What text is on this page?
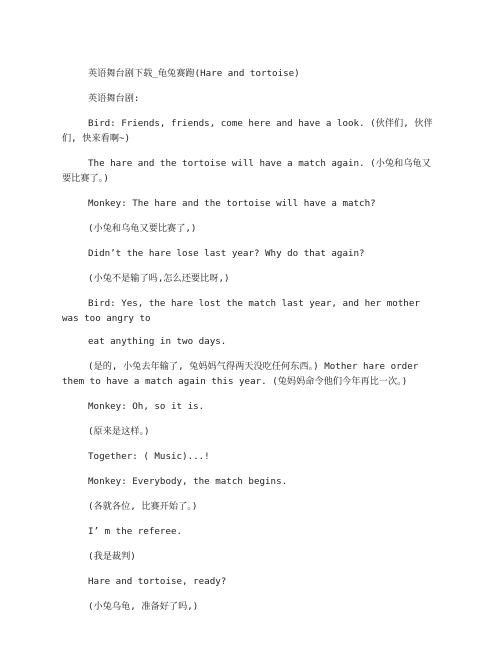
英语舞台剧下载_龟兔赛跑(Hare and tortoise)

英语舞台剧:

Bird: Friends, friends, come here and have a look. (伙伴们, 伙伴们, 快来看啊~)

The hare and the tortoise will have a match again. (小兔和乌龟又要比赛了。)

Monkey: The hare and the tortoise will have a match?

(小兔和乌龟又要比赛了,)

Didn’t the hare lose last year? Why do that again?

(小兔不是输了吗,怎么还要比呀,)

Bird: Yes, the hare lost the match last year, and her mother was too angry to

eat anything in two days.

(是的, 小兔去年输了, 兔妈妈气得两天没吃任何东西。) Mother hare order them to have a match again this year. (兔妈妈命令他们今年再比一次。)

Monkey: Oh, so it is.

(原来是这样。)

Together: ( Music)...!

Monkey: Everybody, the match begins.

(各就各位, 比赛开始了。)

I’ m the referee.

(我是裁判)

Hare and tortoise, ready?

(小兔乌龟, 准备好了吗,)
